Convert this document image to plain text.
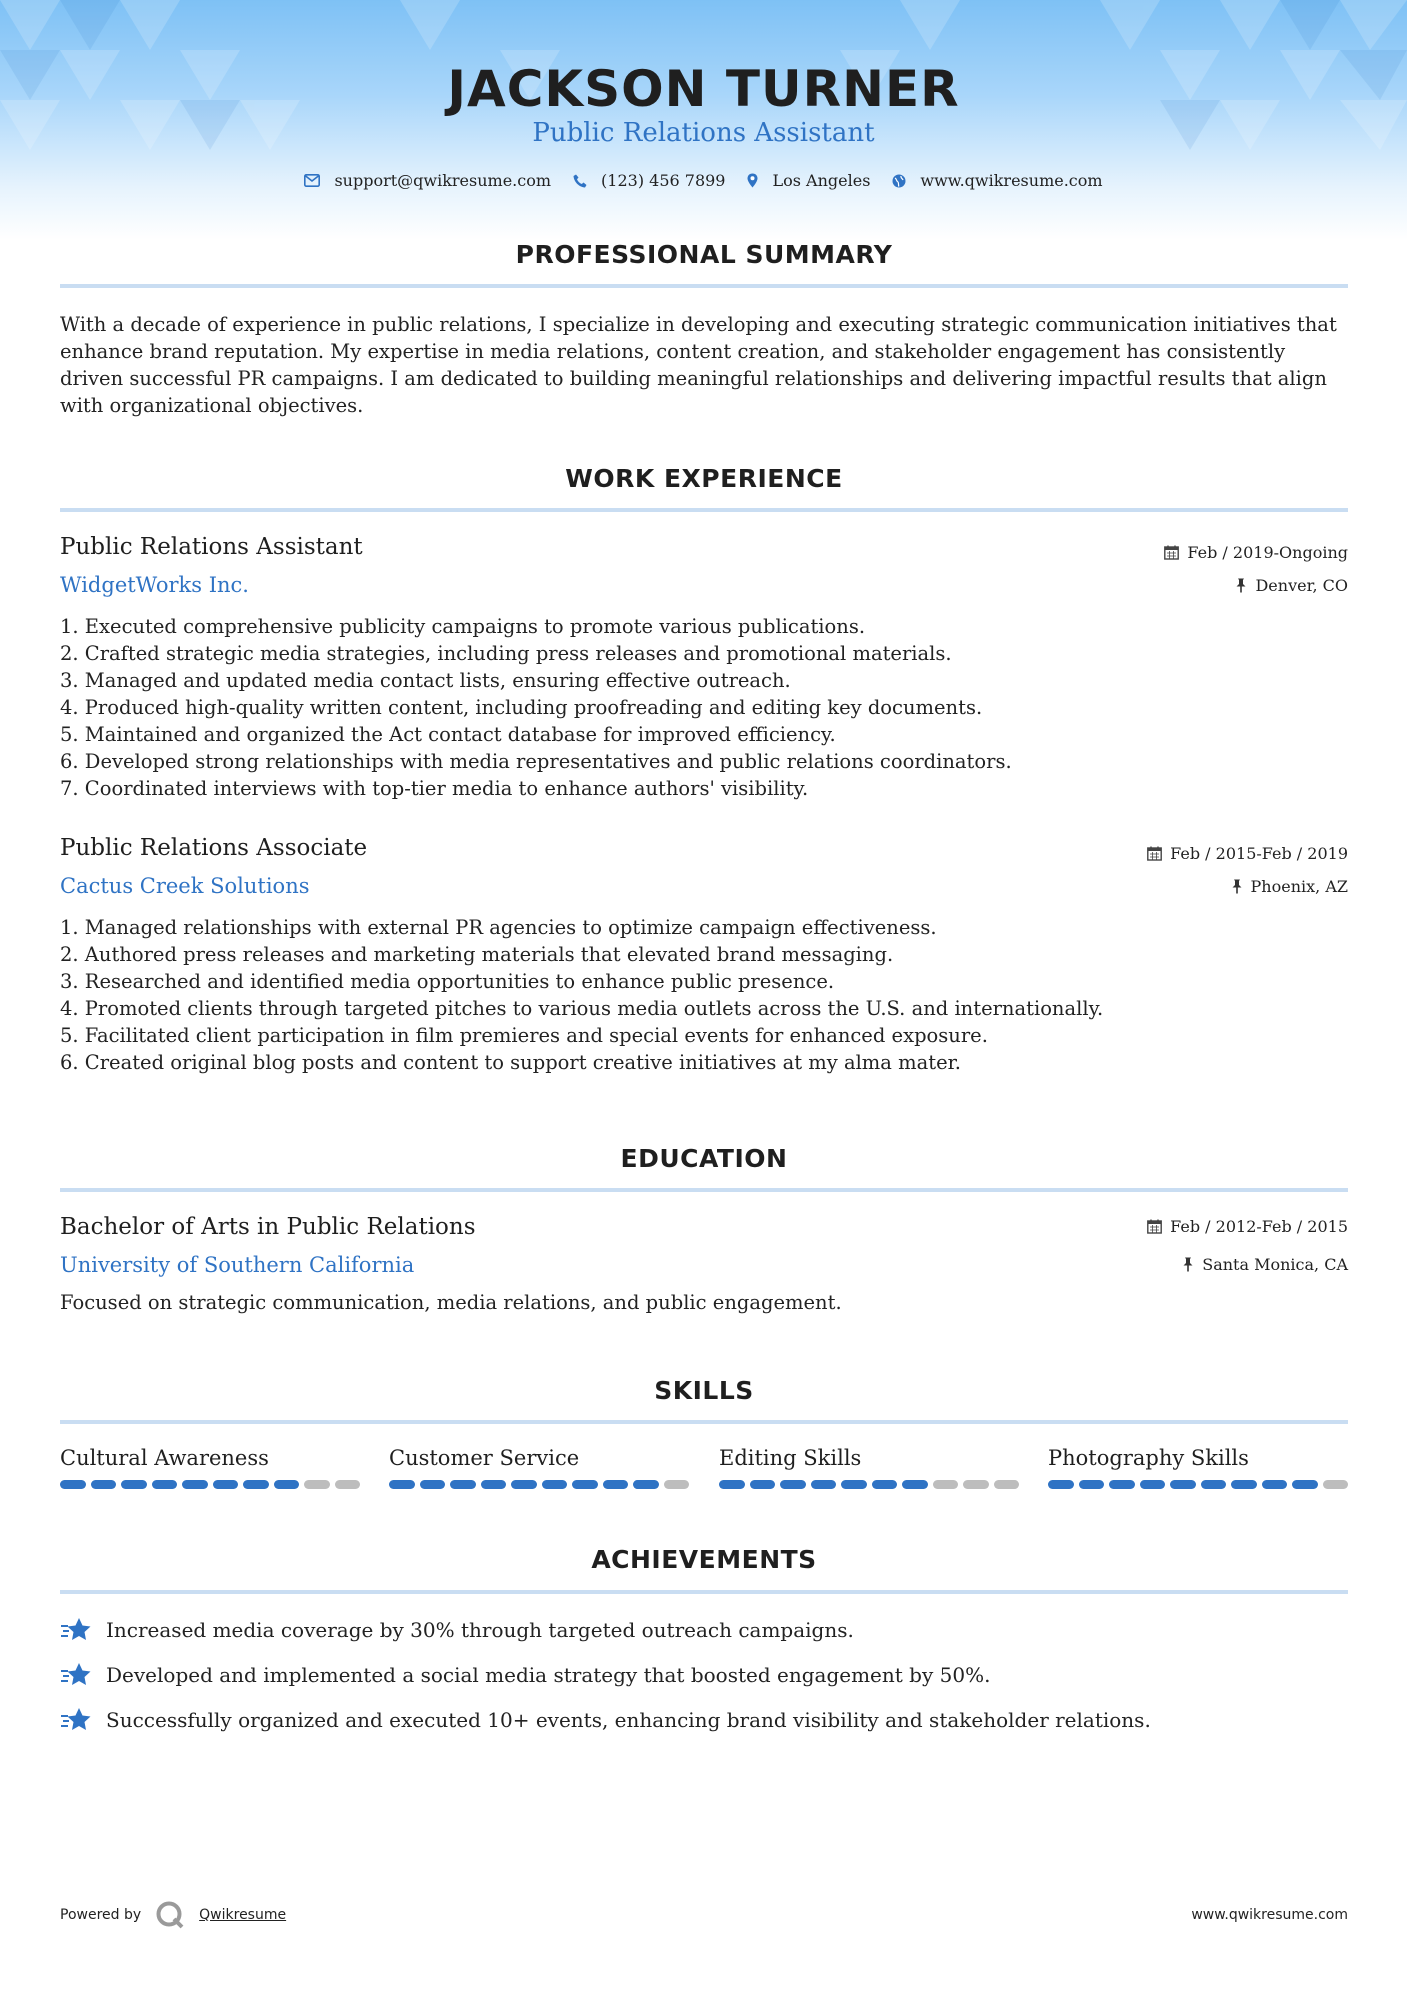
JACKSON TURNER
Public Relations Assistant
support@qwikresume.com	(123) 456 7899	Los Angeles	www.qwikresume.com
PROFESSIONAL SUMMARY
With a decade of experience in public relations, I specialize in developing and executing strategic communication initiatives that enhance brand reputation. My expertise in media relations, content creation, and stakeholder engagement has consistently driven successful PR campaigns. I am dedicated to building meaningful relationships and delivering impactful results that align with organizational objectives.
WORK EXPERIENCE
Public Relations Assistant
WidgetWorks Inc.
Feb / 2019-Ongoing
Denver, CO
1. Executed comprehensive publicity campaigns to promote various publications.
2. Crafted strategic media strategies, including press releases and promotional materials.
3. Managed and updated media contact lists, ensuring effective outreach.
4. Produced high-quality written content, including proofreading and editing key documents.
5. Maintained and organized the Act contact database for improved efficiency.
6. Developed strong relationships with media representatives and public relations coordinators.
7. Coordinated interviews with top-tier media to enhance authors' visibility.
Public Relations Associate
Cactus Creek Solutions
Feb / 2015-Feb / 2019
Phoenix, AZ
1. Managed relationships with external PR agencies to optimize campaign effectiveness.
2. Authored press releases and marketing materials that elevated brand messaging.
3. Researched and identified media opportunities to enhance public presence.
4. Promoted clients through targeted pitches to various media outlets across the U.S. and internationally.
5. Facilitated client participation in film premieres and special events for enhanced exposure.
6. Created original blog posts and content to support creative initiatives at my alma mater.
EDUCATION
Bachelor of Arts in Public Relations
University of Southern California
Feb / 2012-Feb / 2015
Santa Monica, CA
Focused on strategic communication, media relations, and public engagement.
SKILLS
Cultural Awareness	Customer Service	Editing Skills	Photography Skills
ACHIEVEMENTS
Increased media coverage by 30% through targeted outreach campaigns.
Developed and implemented a social media strategy that boosted engagement by 50%.
Successfully organized and executed 10+ events, enhancing brand visibility and stakeholder relations.
Powered by	Qwikresume	www.qwikresume.com
